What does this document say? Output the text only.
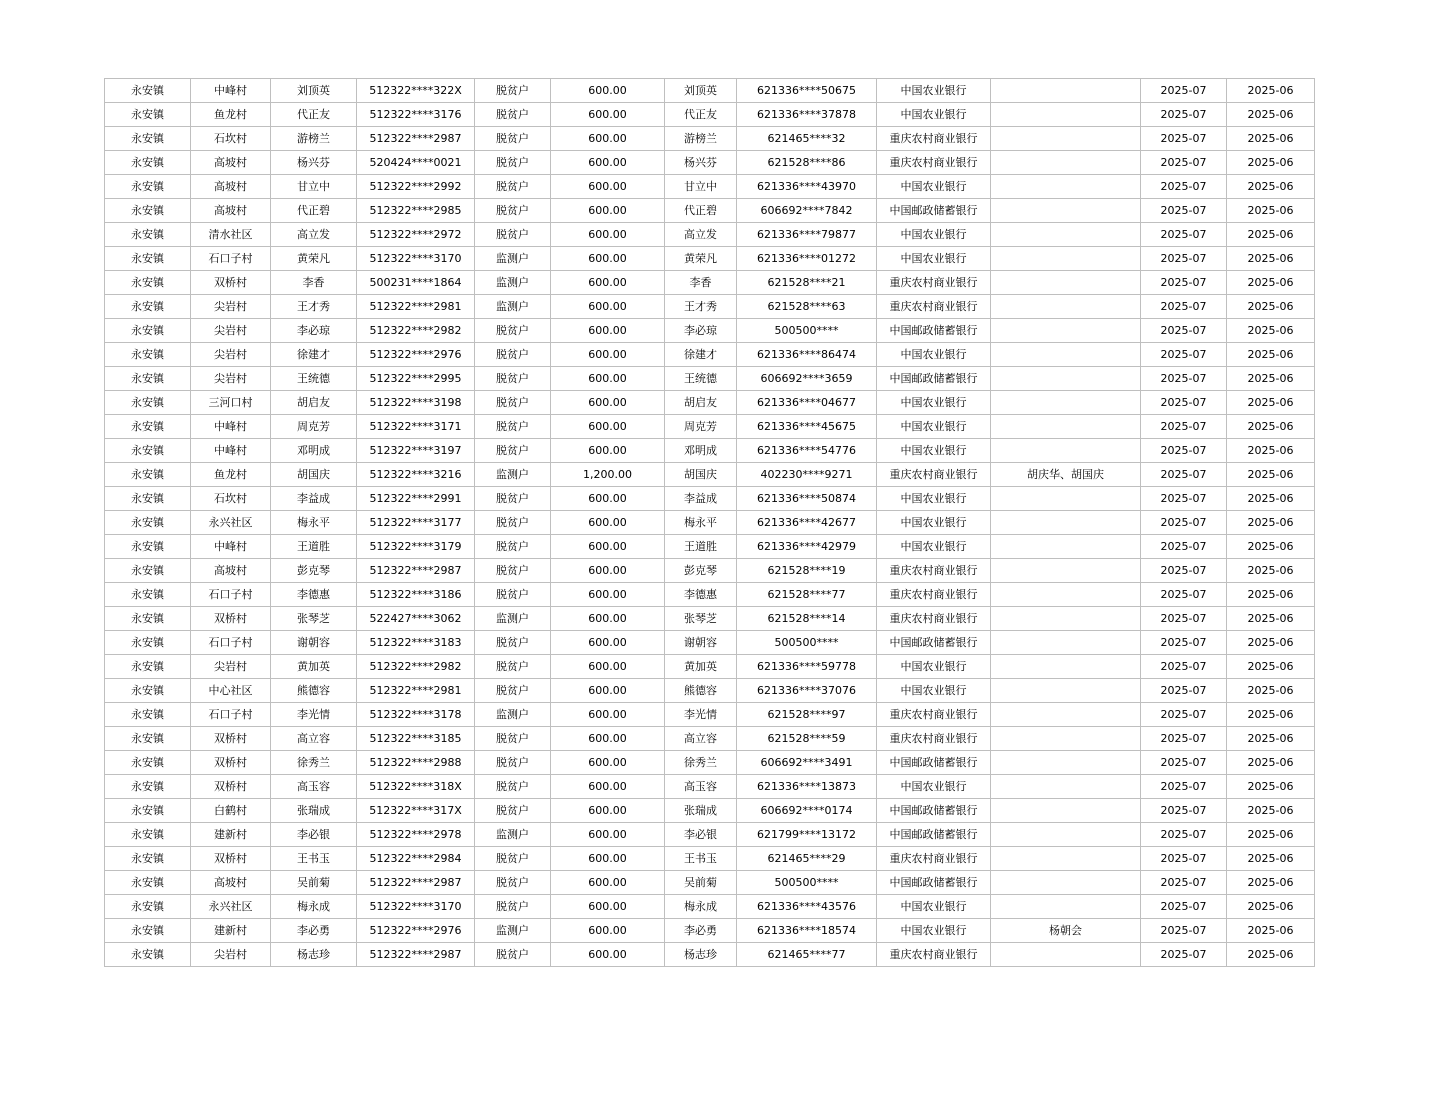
永安镇	中峰村	刘顶英	512322****322X	脱贫户	600.00	刘顶英	621336****50675	中国农业银行		2025-07	2025-06
永安镇	鱼龙村	代正友	512322****3176	脱贫户	600.00	代正友	621336****37878	中国农业银行		2025-07	2025-06
永安镇	石坎村	游榜兰	512322****2987	脱贫户	600.00	游榜兰	621465****32	重庆农村商业银行		2025-07	2025-06
永安镇	高坡村	杨兴芬	520424****0021	脱贫户	600.00	杨兴芬	621528****86	重庆农村商业银行		2025-07	2025-06
永安镇	高坡村	甘立中	512322****2992	脱贫户	600.00	甘立中	621336****43970	中国农业银行		2025-07	2025-06
永安镇	高坡村	代正碧	512322****2985	脱贫户	600.00	代正碧	606692****7842	中国邮政储蓄银行		2025-07	2025-06
永安镇	清水社区	高立发	512322****2972	脱贫户	600.00	高立发	621336****79877	中国农业银行		2025-07	2025-06
永安镇	石口子村	黄荣凡	512322****3170	监测户	600.00	黄荣凡	621336****01272	中国农业银行		2025-07	2025-06
永安镇	双桥村	李香	500231****1864	监测户	600.00	李香	621528****21	重庆农村商业银行		2025-07	2025-06
永安镇	尖岩村	王才秀	512322****2981	监测户	600.00	王才秀	621528****63	重庆农村商业银行		2025-07	2025-06
永安镇	尖岩村	李必琼	512322****2982	脱贫户	600.00	李必琼	500500****	中国邮政储蓄银行		2025-07	2025-06
永安镇	尖岩村	徐建才	512322****2976	脱贫户	600.00	徐建才	621336****86474	中国农业银行		2025-07	2025-06
永安镇	尖岩村	王统德	512322****2995	脱贫户	600.00	王统德	606692****3659	中国邮政储蓄银行		2025-07	2025-06
永安镇	三河口村	胡启友	512322****3198	脱贫户	600.00	胡启友	621336****04677	中国农业银行		2025-07	2025-06
永安镇	中峰村	周克芳	512322****3171	脱贫户	600.00	周克芳	621336****45675	中国农业银行		2025-07	2025-06
永安镇	中峰村	邓明成	512322****3197	脱贫户	600.00	邓明成	621336****54776	中国农业银行		2025-07	2025-06
永安镇	鱼龙村	胡国庆	512322****3216	监测户	1,200.00	胡国庆	402230****9271	重庆农村商业银行	胡庆华、胡国庆	2025-07	2025-06
永安镇	石坎村	李益成	512322****2991	脱贫户	600.00	李益成	621336****50874	中国农业银行		2025-07	2025-06
永安镇	永兴社区	梅永平	512322****3177	脱贫户	600.00	梅永平	621336****42677	中国农业银行		2025-07	2025-06
永安镇	中峰村	王道胜	512322****3179	脱贫户	600.00	王道胜	621336****42979	中国农业银行		2025-07	2025-06
永安镇	高坡村	彭克琴	512322****2987	脱贫户	600.00	彭克琴	621528****19	重庆农村商业银行		2025-07	2025-06
永安镇	石口子村	李德惠	512322****3186	脱贫户	600.00	李德惠	621528****77	重庆农村商业银行		2025-07	2025-06
永安镇	双桥村	张琴芝	522427****3062	监测户	600.00	张琴芝	621528****14	重庆农村商业银行		2025-07	2025-06
永安镇	石口子村	谢朝容	512322****3183	脱贫户	600.00	谢朝容	500500****	中国邮政储蓄银行		2025-07	2025-06
永安镇	尖岩村	黄加英	512322****2982	脱贫户	600.00	黄加英	621336****59778	中国农业银行		2025-07	2025-06
永安镇	中心社区	熊德容	512322****2981	脱贫户	600.00	熊德容	621336****37076	中国农业银行		2025-07	2025-06
永安镇	石口子村	李光情	512322****3178	监测户	600.00	李光情	621528****97	重庆农村商业银行		2025-07	2025-06
永安镇	双桥村	高立容	512322****3185	脱贫户	600.00	高立容	621528****59	重庆农村商业银行		2025-07	2025-06
永安镇	双桥村	徐秀兰	512322****2988	脱贫户	600.00	徐秀兰	606692****3491	中国邮政储蓄银行		2025-07	2025-06
永安镇	双桥村	高玉容	512322****318X	脱贫户	600.00	高玉容	621336****13873	中国农业银行		2025-07	2025-06
永安镇	白鹤村	张瑞成	512322****317X	脱贫户	600.00	张瑞成	606692****0174	中国邮政储蓄银行		2025-07	2025-06
永安镇	建新村	李必银	512322****2978	监测户	600.00	李必银	621799****13172	中国邮政储蓄银行		2025-07	2025-06
永安镇	双桥村	王书玉	512322****2984	脱贫户	600.00	王书玉	621465****29	重庆农村商业银行		2025-07	2025-06
永安镇	高坡村	吴前菊	512322****2987	脱贫户	600.00	吴前菊	500500****	中国邮政储蓄银行		2025-07	2025-06
永安镇	永兴社区	梅永成	512322****3170	脱贫户	600.00	梅永成	621336****43576	中国农业银行		2025-07	2025-06
永安镇	建新村	李必勇	512322****2976	监测户	600.00	李必勇	621336****18574	中国农业银行	杨朝会	2025-07	2025-06
永安镇	尖岩村	杨志珍	512322****2987	脱贫户	600.00	杨志珍	621465****77	重庆农村商业银行		2025-07	2025-06
